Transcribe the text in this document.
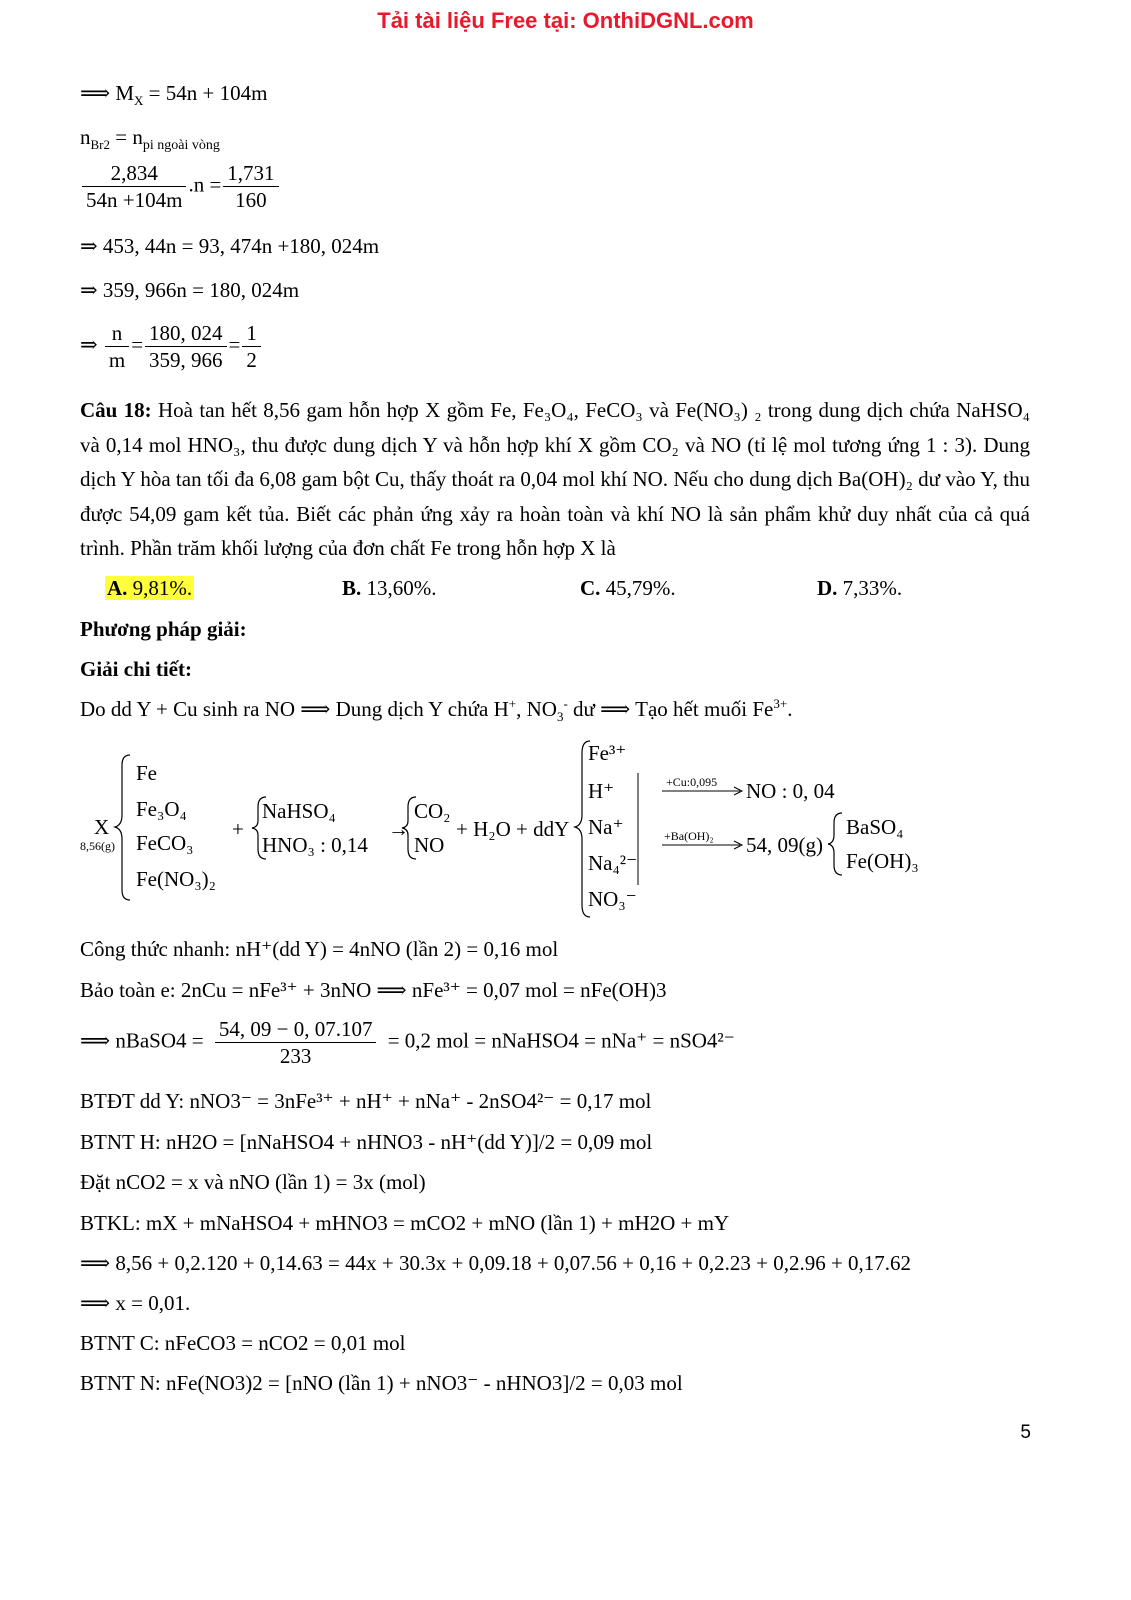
Tải tài liệu Free tại: OnthiDGNL.com
⟹ $M_X = 54n + 104m$
$n_{Br2} = n_{pi ngoài vòng}$
$\frac{2,834}{54n +104m} .n = \frac{1,731}{160}$
⇒ 453, 44n = 93, 474n +180, 024m
⇒ 359, 966n = 180, 024m
⇒ $\frac{n}{m} = \frac{180, 024}{359, 966} = \frac{1}{2}$
Câu 18: Hoà tan hết 8,56 gam hỗn hợp X gồm Fe, Fe₃O₄, FeCO₃ và Fe(NO₃) ₂ trong dung dịch chứa NaHSO₄ và 0,14 mol HNO₃, thu được dung dịch Y và hỗn hợp khí X gồm CO₂ và NO (tỉ lệ mol tương ứng 1 : 3). Dung dịch Y hòa tan tối đa 6,08 gam bột Cu, thấy thoát ra 0,04 mol khí NO. Nếu cho dung dịch Ba(OH)₂ dư vào Y, thu được 54,09 gam kết tủa. Biết các phản ứng xảy ra hoàn toàn và khí NO là sản phẩm khử duy nhất của cả quá trình. Phần trăm khối lượng của đơn chất Fe trong hỗn hợp X là
A. 9,81%.	B. 13,60%.	C. 45,79%.	D. 7,33%.
Phương pháp giải:
Giải chi tiết:
Do dd Y + Cu sinh ra NO ⟹ Dung dịch Y chứa H+, $NO_3^-$ dư ⟹ Tạo hết muối $Fe^{3+}$.
X
8,56(g)
Fe
Fe₃O₄
FeCO₃
Fe(NO₃)₂
+
NaHSO₄
HNO₃ : 0,14
→
CO₂
NO
+ H₂O + ddY
Fe³⁺
H⁺
Na⁺
Na₄²⁻
NO₃⁻
+Cu:0,095 NO : 0, 04
+Ba(OH)₂ 54, 09(g)
BaSO₄
Fe(OH)₃
Công thức nhanh: nH⁺(dd Y) = 4nNO (lần 2) = 0,16 mol
Bảo toàn e: 2nCu = nFe³⁺ + 3nNO ⟹ nFe³⁺ = 0,07 mol = nFe(OH)3
⟹ nBaSO4 = $\frac{54, 09 - 0, 07.107}{233} = 0,2$ mol = nNaHSO4 = nNa⁺ = nSO4²⁻
BTĐT dd Y: nNO3⁻ = 3nFe³⁺ + nH⁺ + nNa⁺ - 2nSO4²⁻ = 0,17 mol
BTNT H: nH2O = [nNaHSO4 + nHNO3 - nH⁺(dd Y)]/2 = 0,09 mol
Đặt nCO2 = x và nNO (lần 1) = 3x (mol)
BTKL: mX + mNaHSO4 + mHNO3 = mCO2 + mNO (lần 1) + mH2O + mY
⟹ 8,56 + 0,2.120 + 0,14.63 = 44x + 30.3x + 0,09.18 + 0,07.56 + 0,16 + 0,2.23 + 0,2.96 + 0,17.62
⟹ x = 0,01.
BTNT C: nFeCO3 = nCO2 = 0,01 mol
BTNT N: nFe(NO3)2 = [nNO (lần 1) + nNO3⁻ - nHNO3]/2 = 0,03 mol
5
